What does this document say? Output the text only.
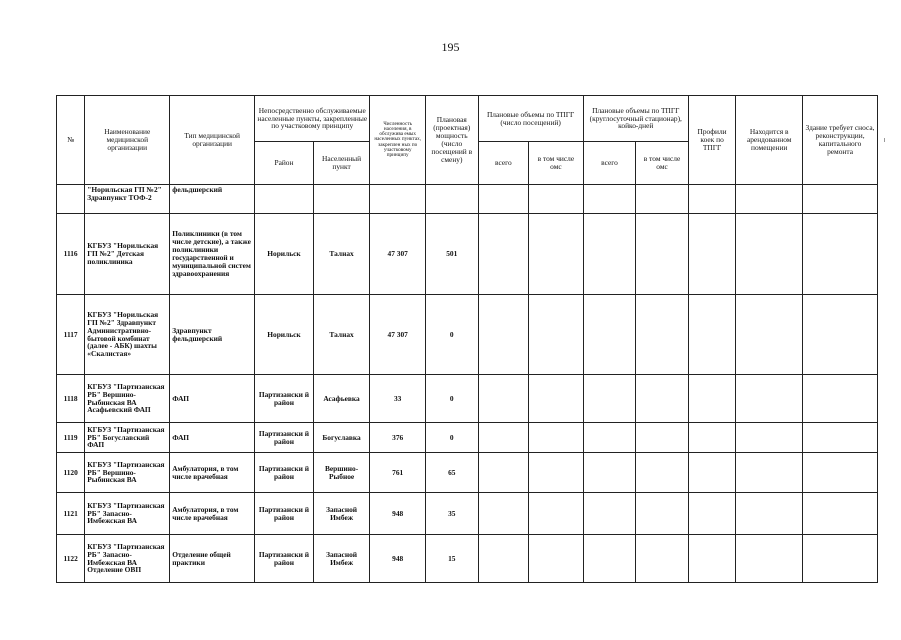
195
№	Наименование медицинской организации	Тип медицинской организации	Непосредственно обслуживаемые населенные пункты, закрепленные по участковому принципу		Численность населения, в обслужива емых населенных пунктах, закреплен ных по участковому принципу	Плановая (проектная) мощность (число посещений в смену)	Плановые объемы по ТПГГ (число посещений)		Плановые объемы по ТПГГ (круглосуточный стационар), койко-дней		Профили коек по ТПГГ	Находится в арендованном помещении	Здание требует сноса, реконструкции, капитального ремонта
			Район	Населенный пункт			всего	в том числе омс	всего	в том числе омс			
	"Норильская ГП №2" Здравпункт ТОФ-2	фельдшерский											
1116	КГБУЗ "Норильская ГП №2" Детская поликлиника	Поликлиники (в том числе детские), а также поликлиники государственной и муниципальной систем здравоохранения	Норильск	Талнах	47 307	501							
1117	КГБУЗ "Норильская ГП №2" Здравпункт Административно-бытовой комбинат (далее - АБК) шахты «Скалистая»	Здравпункт фельдшерский	Норильск	Талнах	47 307	0							
1118	КГБУЗ "Партизанская РБ" Вершино-Рыбинская ВА Асафьевский ФАП	ФАП	Партизански й район	Асафьевка	33	0							
1119	КГБУЗ "Партизанская РБ" Богуславский ФАП	ФАП	Партизански й район	Богуславка	376	0							
1120	КГБУЗ "Партизанская РБ" Вершино-Рыбинская ВА	Амбулатория, в том числе врачебная	Партизански й район	Вершино-Рыбное	761	65							
1121	КГБУЗ "Партизанская РБ" Запасно-Имбежская ВА	Амбулатория, в том числе врачебная	Партизански й район	Запасной Имбеж	948	35							
1122	КГБУЗ "Партизанская РБ" Запасно-Имбежская ВА Отделение ОВП	Отделение общей практики	Партизански й район	Запасной Имбеж	948	15							
